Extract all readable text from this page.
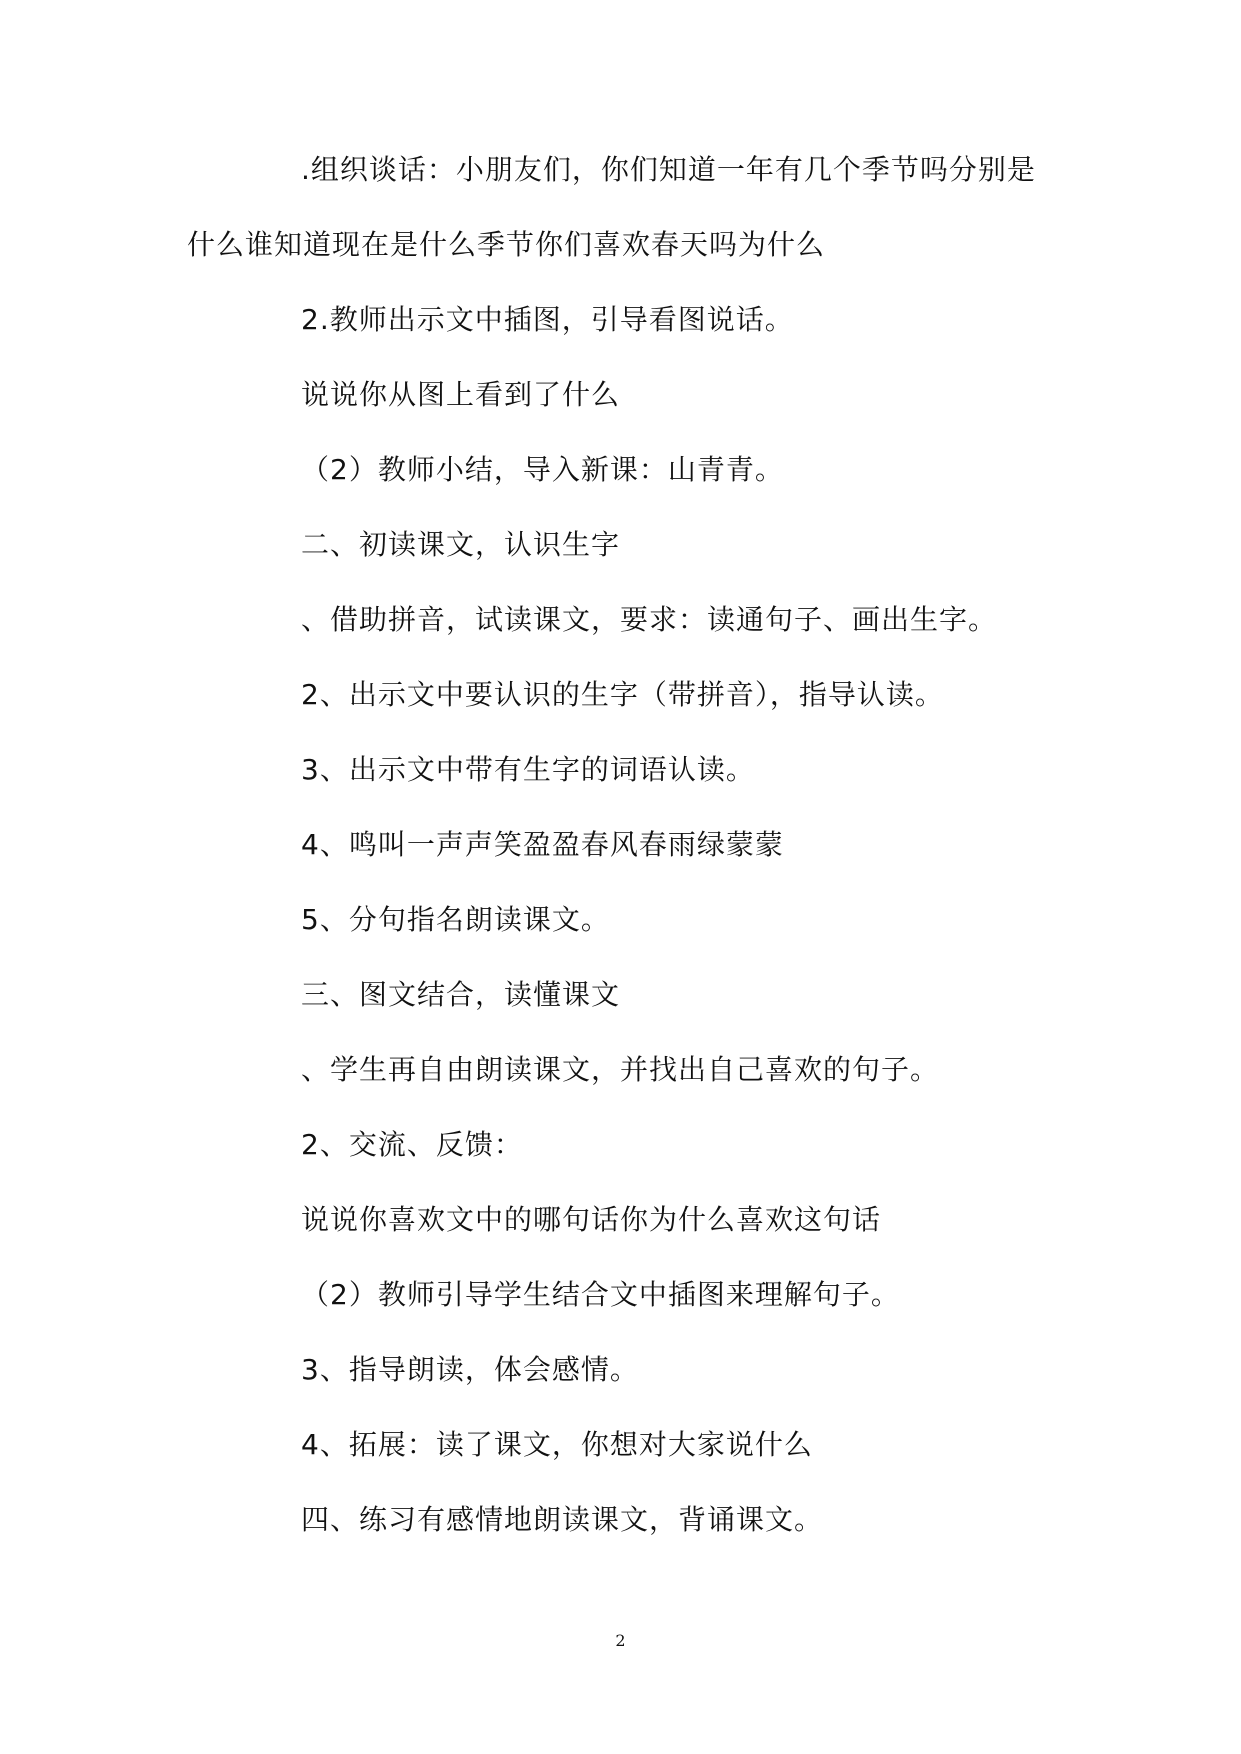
.组织谈话：小朋友们，你们知道一年有几个季节吗分别是
什么谁知道现在是什么季节你们喜欢春天吗为什么
2.教师出示文中插图，引导看图说话。
说说你从图上看到了什么
（2）教师小结，导入新课：山青青。
二、初读课文，认识生字
、借助拼音，试读课文，要求：读通句子、画出生字。
2、出示文中要认识的生字（带拼音），指导认读。
3、出示文中带有生字的词语认读。
4、鸣叫一声声笑盈盈春风春雨绿蒙蒙
5、分句指名朗读课文。
三、图文结合，读懂课文
、学生再自由朗读课文，并找出自己喜欢的句子。
2、交流、反馈：
说说你喜欢文中的哪句话你为什么喜欢这句话
（2）教师引导学生结合文中插图来理解句子。
3、指导朗读，体会感情。
4、拓展：读了课文，你想对大家说什么
四、练习有感情地朗读课文，背诵课文。
2
